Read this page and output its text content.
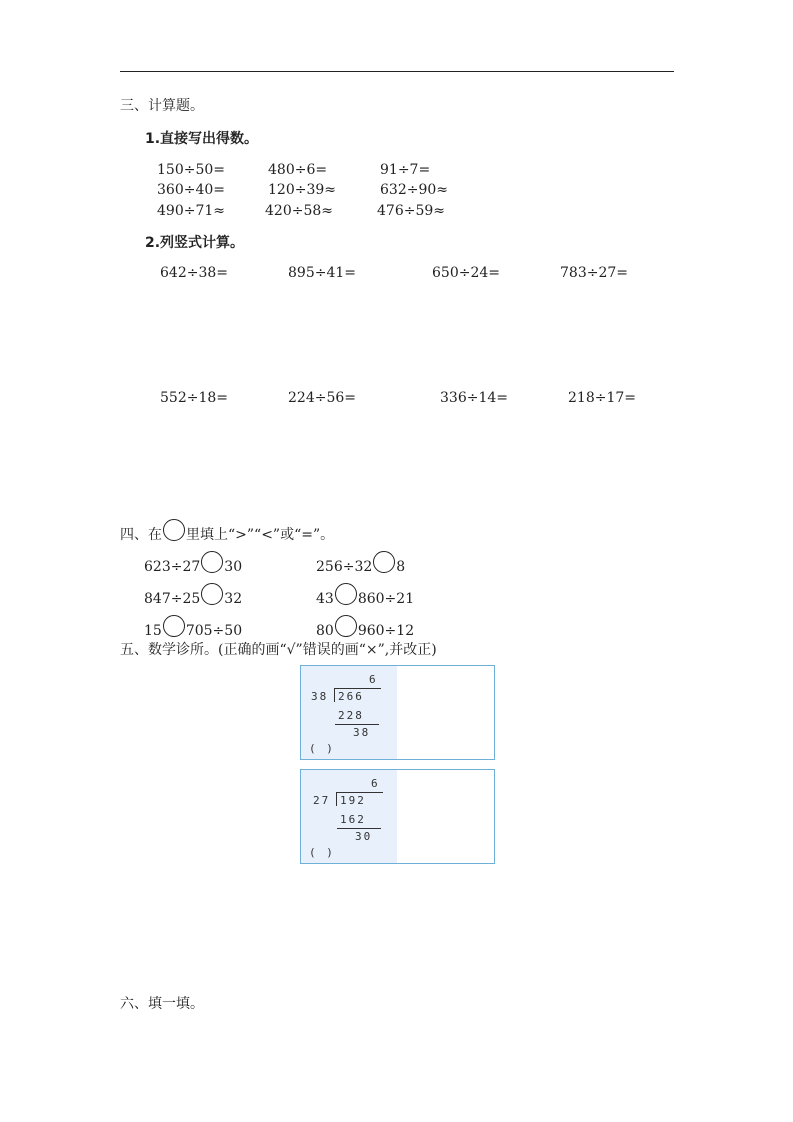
三、计算题。
1.直接写出得数。
150÷50=	480÷6=	91÷7=
360÷40=	120÷39≈	632÷90≈
490÷71≈	420÷58≈	476÷59≈
2.列竖式计算。
642÷38=	895÷41=	650÷24=	783÷27=
552÷18=	224÷56=	336÷14=	218÷17=
四、在 里填上“>”“<”或“=”。
623÷27 30	256÷32 8
847÷25 32	43 860÷21
15 705÷50	80 960÷12
五、数学诊所。(正确的画“√”错误的画“×”,并改正)
6
38 266
228
38
( )
6
27 192
162
30
( )
六、填一填。
